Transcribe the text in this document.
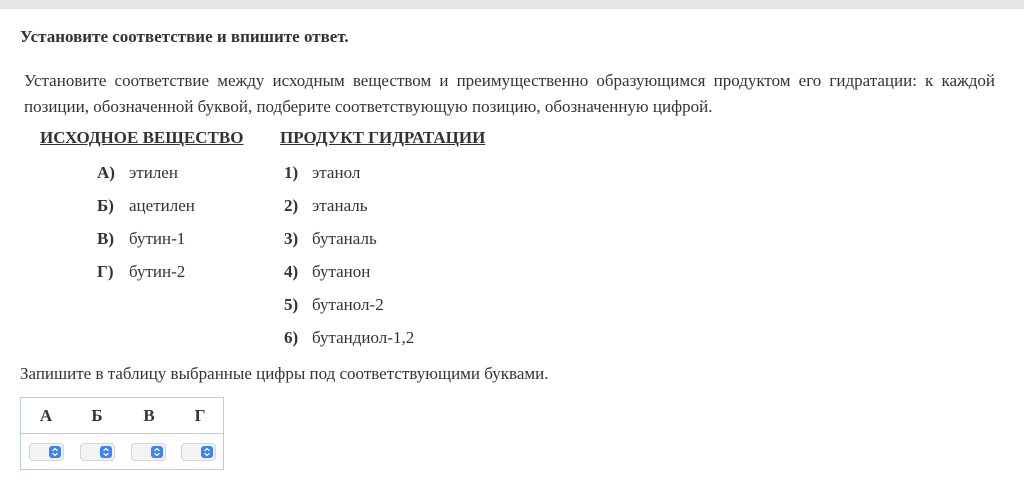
Установите соответствие и впишите ответ.

Установите соответствие между исходным веществом и преимущественно образующимся продуктом его гидратации: к каждой позиции, обозначенной буквой, подберите соответствующую позицию, обозначенную цифрой.

ИСХОДНОЕ ВЕЩЕСТВО ПРОДУКТ ГИДРАТАЦИИ
А) этилен
Б) ацетилен
В) бутин-1
Г) бутин-2
1) этанол
2) этаналь
3) бутаналь
4) бутанон
5) бутанол-2
6) бутандиол-1,2

Запишите в таблицу выбранные цифры под соответствующими буквами.

А	Б	В	Г
